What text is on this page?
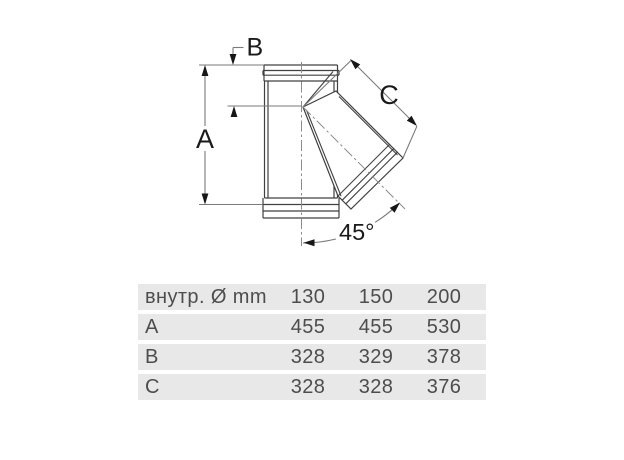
A
B
C
45°
внутр. Ø mm	130	150	200
A	455	455	530
B	328	329	378
C	328	328	376
